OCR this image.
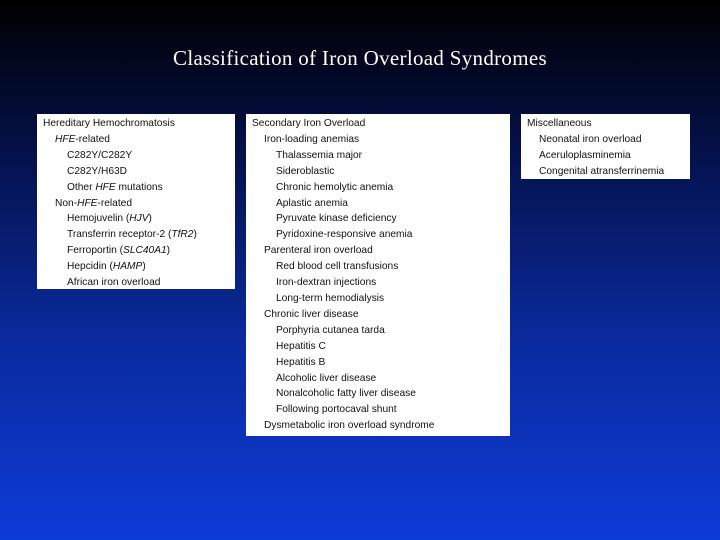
Classification of Iron Overload Syndromes
Hereditary Hemochromatosis
HFE-related
C282Y/C282Y
C282Y/H63D
Other HFE mutations
Non-HFE-related
Hemojuvelin (HJV)
Transferrin receptor-2 (TfR2)
Ferroportin (SLC40A1)
Hepcidin (HAMP)
African iron overload
Secondary Iron Overload
Iron-loading anemias
Thalassemia major
Sideroblastic
Chronic hemolytic anemia
Aplastic anemia
Pyruvate kinase deficiency
Pyridoxine-responsive anemia
Parenteral iron overload
Red blood cell transfusions
Iron-dextran injections
Long-term hemodialysis
Chronic liver disease
Porphyria cutanea tarda
Hepatitis C
Hepatitis B
Alcoholic liver disease
Nonalcoholic fatty liver disease
Following portocaval shunt
Dysmetabolic iron overload syndrome
Miscellaneous
Neonatal iron overload
Aceruloplasminemia
Congenital atransferrinemia
